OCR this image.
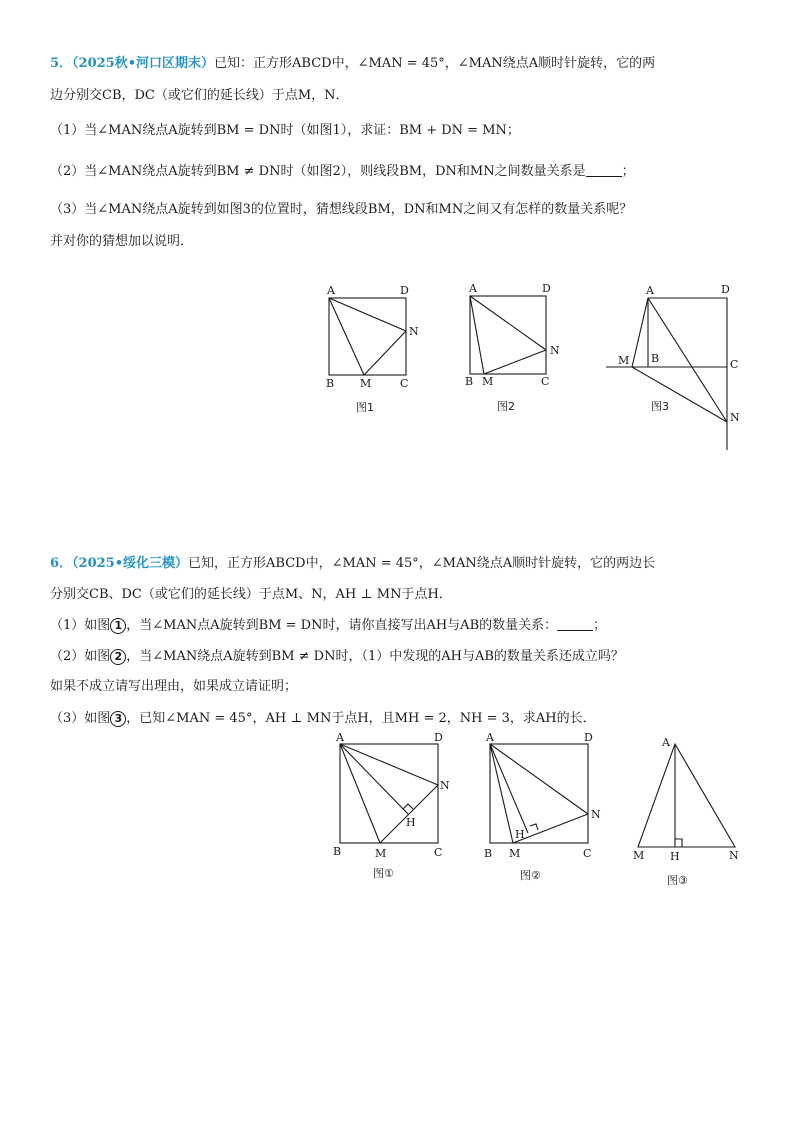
5．（2025秋•河口区期末）已知：正方形ABCD中，∠MAN = 45°，∠MAN绕点A顺时针旋转，它的两
边分别交CB，DC（或它们的延长线）于点M，N．
（1）当∠MAN绕点A旋转到BM = DN时（如图1），求证：BM + DN = MN；
（2）当∠MAN绕点A旋转到BM ≠ DN时（如图2），则线段BM，DN和MN之间数量关系是	；
（3）当∠MAN绕点A旋转到如图3的位置时，猜想线段BM，DN和MN之间又有怎样的数量关系呢？
并对你的猜想加以说明．
6．（2025•绥化三模）已知，正方形ABCD中，∠MAN = 45°，∠MAN绕点A顺时针旋转，它的两边长
分别交CB、DC（或它们的延长线）于点M、N，AH ⊥ MN于点H．
（1）如图 1 ，当∠MAN点A旋转到BM = DN时，请你直接写出AH与AB的数量关系：	；
（2）如图 2 ，当∠MAN绕点A旋转到BM ≠ DN时，（1）中发现的AH与AB的数量关系还成立吗？
如果不成立请写出理由，如果成立请证明；
（3）如图 3 ，已知∠MAN = 45°，AH ⊥ MN于点H，且MH = 2，NH = 3，求AH的长．
A	D
B M	C
N
图1
A	D
B M	C
N
图2
A	D
M B	C
N
图3
A	D
B	M	C
N
H
图①
A	D
B M	C
N
H
图②
A
M H	N
图③
